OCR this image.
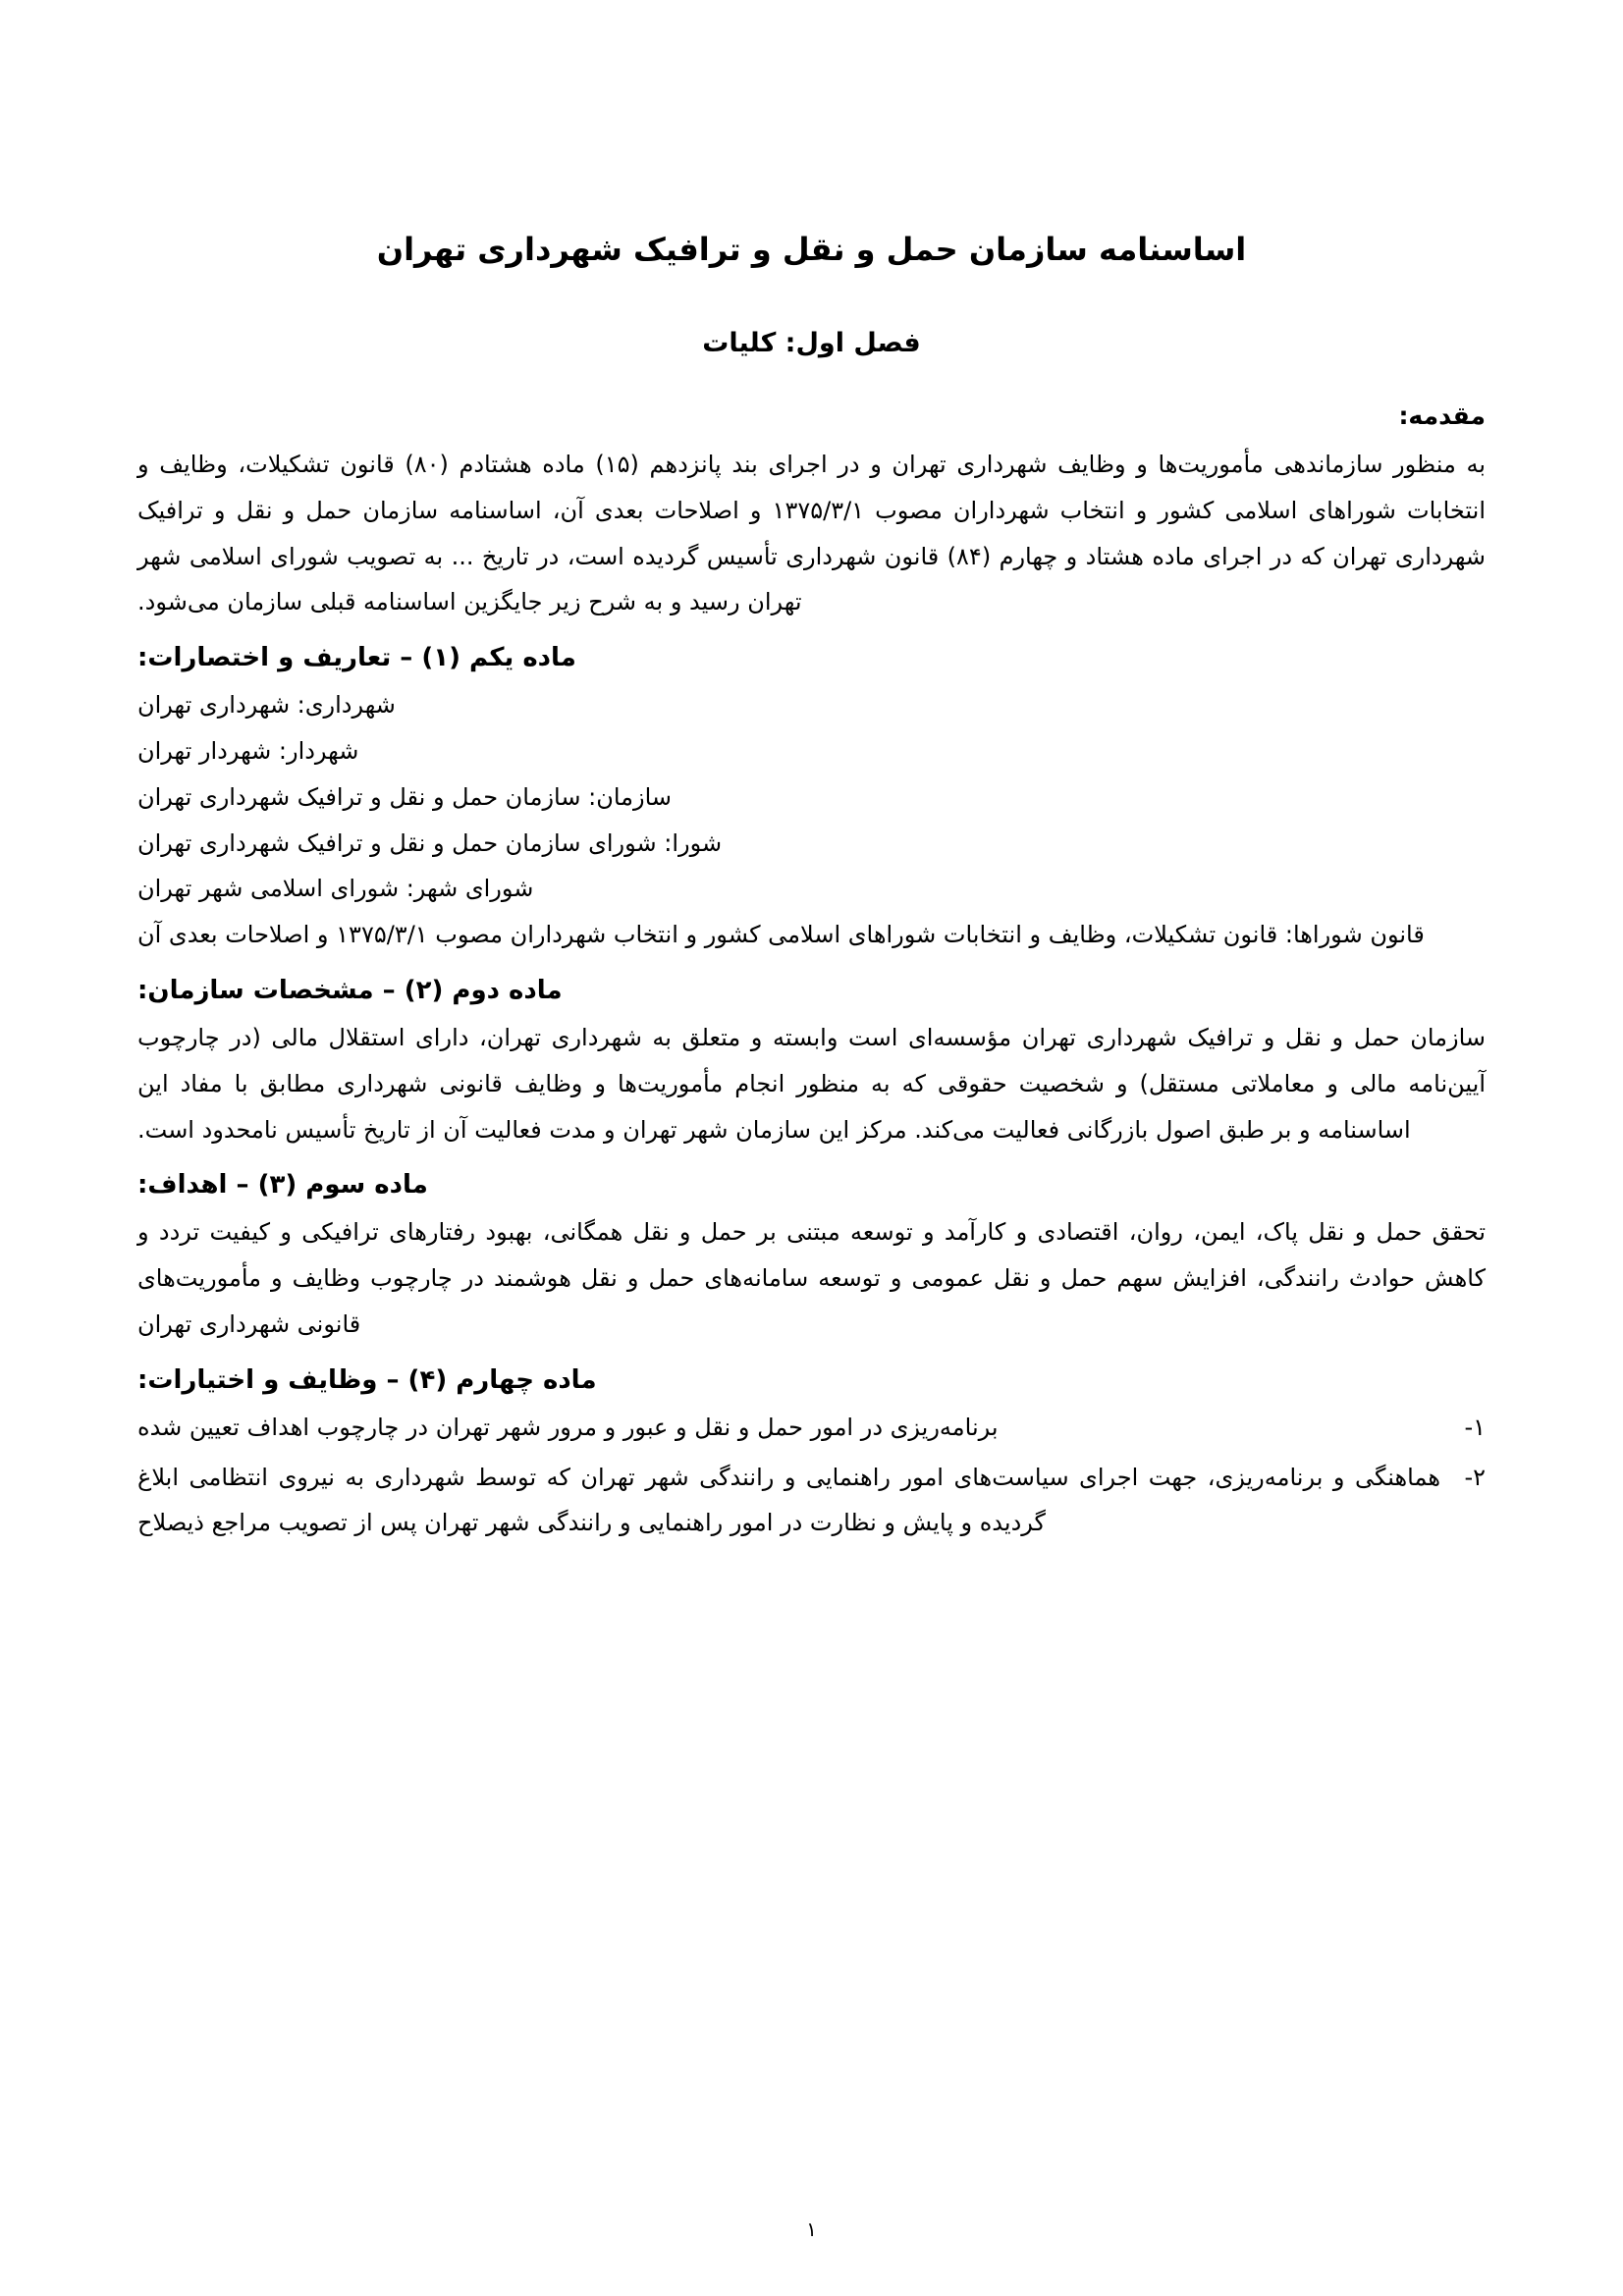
اساسنامه سازمان حمل و نقل و ترافیک شهرداری تهران
فصل اول: کلیات
مقدمه:

به منظور سازماندهی مأموریت‌ها و وظایف شهرداری تهران و در اجرای بند پانزدهم (۱۵) ماده هشتادم (۸۰) قانون تشکیلات، وظایف و انتخابات شوراهای اسلامی کشور و انتخاب شهرداران مصوب ۱۳۷۵/۳/۱ و اصلاحات بعدی آن، اساسنامه سازمان حمل و نقل و ترافیک شهرداری تهران که در اجرای ماده هشتاد و چهارم (۸۴) قانون شهرداری تأسیس گردیده است، در تاریخ ... به تصویب شورای اسلامی شهر تهران رسید و به شرح زیر جایگزین اساسنامه قبلی سازمان می‌شود.

ماده یکم (۱) – تعاریف و اختصارات:

شهرداری: شهرداری تهران

شهردار: شهردار تهران

سازمان: سازمان حمل و نقل و ترافیک شهرداری تهران

شورا: شورای سازمان حمل و نقل و ترافیک شهرداری تهران

شورای شهر: شورای اسلامی شهر تهران

قانون شوراها: قانون تشکیلات، وظایف و انتخابات شوراهای اسلامی کشور و انتخاب شهرداران مصوب ۱۳۷۵/۳/۱ و اصلاحات بعدی آن

ماده دوم (۲) – مشخصات سازمان:

سازمان حمل و نقل و ترافیک شهرداری تهران مؤسسه‌ای است وابسته و متعلق به شهرداری تهران، دارای استقلال مالی (در چارچوب آیین‌نامه مالی و معاملاتی مستقل) و شخصیت حقوقی که به منظور انجام مأموریت‌ها و وظایف قانونی شهرداری مطابق با مفاد این اساسنامه و بر طبق اصول بازرگانی فعالیت می‌کند. مرکز این سازمان شهر تهران و مدت فعالیت آن از تاریخ تأسیس نامحدود است.

ماده سوم (۳) – اهداف:

تحقق حمل و نقل پاک، ایمن، روان، اقتصادی و کارآمد و توسعه مبتنی بر حمل و نقل همگانی، بهبود رفتارهای ترافیکی و کیفیت تردد و کاهش حوادث رانندگی، افزایش سهم حمل و نقل عمومی و توسعه سامانه‌های حمل و نقل هوشمند در چارچوب وظایف و مأموریت‌های قانونی شهرداری تهران

ماده چهارم (۴) – وظایف و اختیارات:
۱-
برنامه‌ریزی در امور حمل و نقل و عبور و مرور شهر تهران در چارچوب اهداف تعیین شده
۲-
هماهنگی و برنامه‌ریزی، جهت اجرای سیاست‌های امور راهنمایی و رانندگی شهر تهران که توسط شهرداری به نیروی انتظامی ابلاغ گردیده و پایش و نظارت در امور راهنمایی و رانندگی شهر تهران پس از تصویب مراجع ذیصلاح
۱
